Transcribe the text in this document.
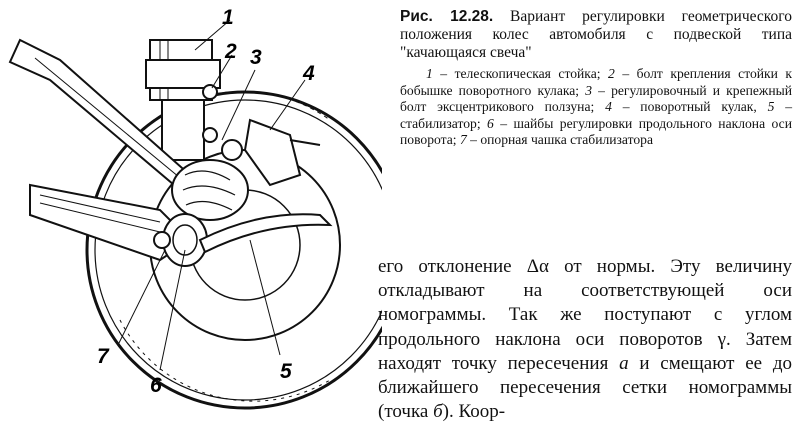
1
2 3
4
5
6
7
Рис. 12.28. Вариант регулировки геометрического положения колес автомобиля с подвеской типа "качающаяся свеча"
1 – телескопическая стойка; 2 – болт крепления стойки к бобышке поворотного кулака; 3 – регулировочный и крепежный болт эксцентрикового ползуна; 4 – поворотный кулак, 5 – стабилизатор; 6 – шайбы регулировки продольного наклона оси поворота; 7 – опорная чашка стабилизатора
его отклонение Δα от нормы. Эту величину откладывают на соответствующей оси номограммы. Так же поступают с углом продольного наклона оси поворотов γ. Затем находят точку пересечения а и смещают ее до ближайшего пересечения сетки номограммы (точка б). Коор-
